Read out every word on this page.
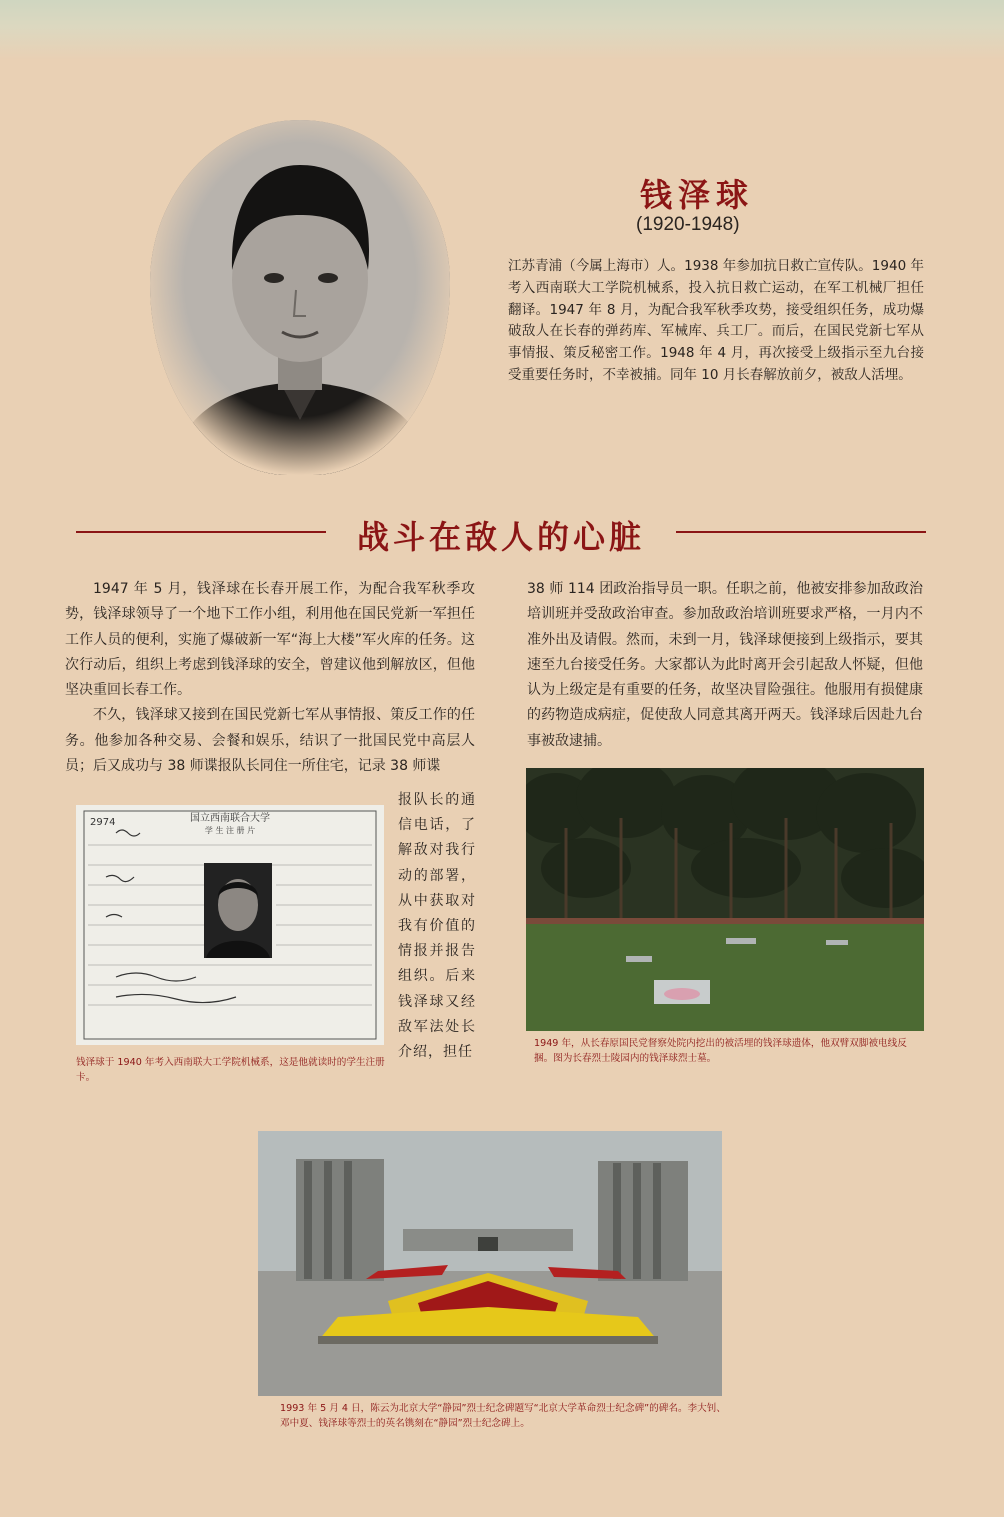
钱泽球
(1920-1948)
江苏青浦（今属上海市）人。1938 年参加抗日救亡宣传队。1940 年考入西南联大工学院机械系，投入抗日救亡运动，在军工机械厂担任翻译。1947 年 8 月，为配合我军秋季攻势，接受组织任务，成功爆破敌人在长春的弹药库、军械库、兵工厂。而后，在国民党新七军从事情报、策反秘密工作。1948 年 4 月，再次接受上级指示至九台接受重要任务时，不幸被捕。同年 10 月长春解放前夕，被敌人活埋。
战斗在敌人的心脏

1947 年 5 月，钱泽球在长春开展工作，为配合我军秋季攻势，钱泽球领导了一个地下工作小组，利用他在国民党新一军担任工作人员的便利，实施了爆破新一军“海上大楼”军火库的任务。这次行动后，组织上考虑到钱泽球的安全，曾建议他到解放区，但他坚决重回长春工作。

不久，钱泽球又接到在国民党新七军从事情报、策反工作的任务。他参加各种交易、会餐和娱乐，结识了一批国民党中高层人员；后又成功与 38 师谍报队长同住一所住宅，记录 38 师谍

报队长的通信电话，了解敌对我行动的部署，从中获取对我有价值的情报并报告组织。后来钱泽球又经敌军法处长介绍，担任
国立西南联合大学
学 生 注 册 片
2974
钱泽球于 1940 年考入西南联大工学院机械系，这是他就读时的学生注册卡。

38 师 114 团政治指导员一职。任职之前，他被安排参加敌政治培训班并受敌政治审查。参加敌政治培训班要求严格，一月内不准外出及请假。然而，未到一月，钱泽球便接到上级指示，要其速至九台接受任务。大家都认为此时离开会引起敌人怀疑，但他认为上级定是有重要的任务，故坚决冒险强往。他服用有损健康的药物造成病症，促使敌人同意其离开两天。钱泽球后因赴九台事被敌逮捕。

1949 年，从长春原国民党督察处院内挖出的被活埋的钱泽球遗体，他双臂双脚被电线反捆。图为长春烈士陵园内的钱泽球烈士墓。
1993 年 5 月 4 日，陈云为北京大学“静园”烈士纪念碑题写“北京大学革命烈士纪念碑”的碑名。李大钊、邓中夏、钱泽球等烈士的英名镌刻在“静园”烈士纪念碑上。
